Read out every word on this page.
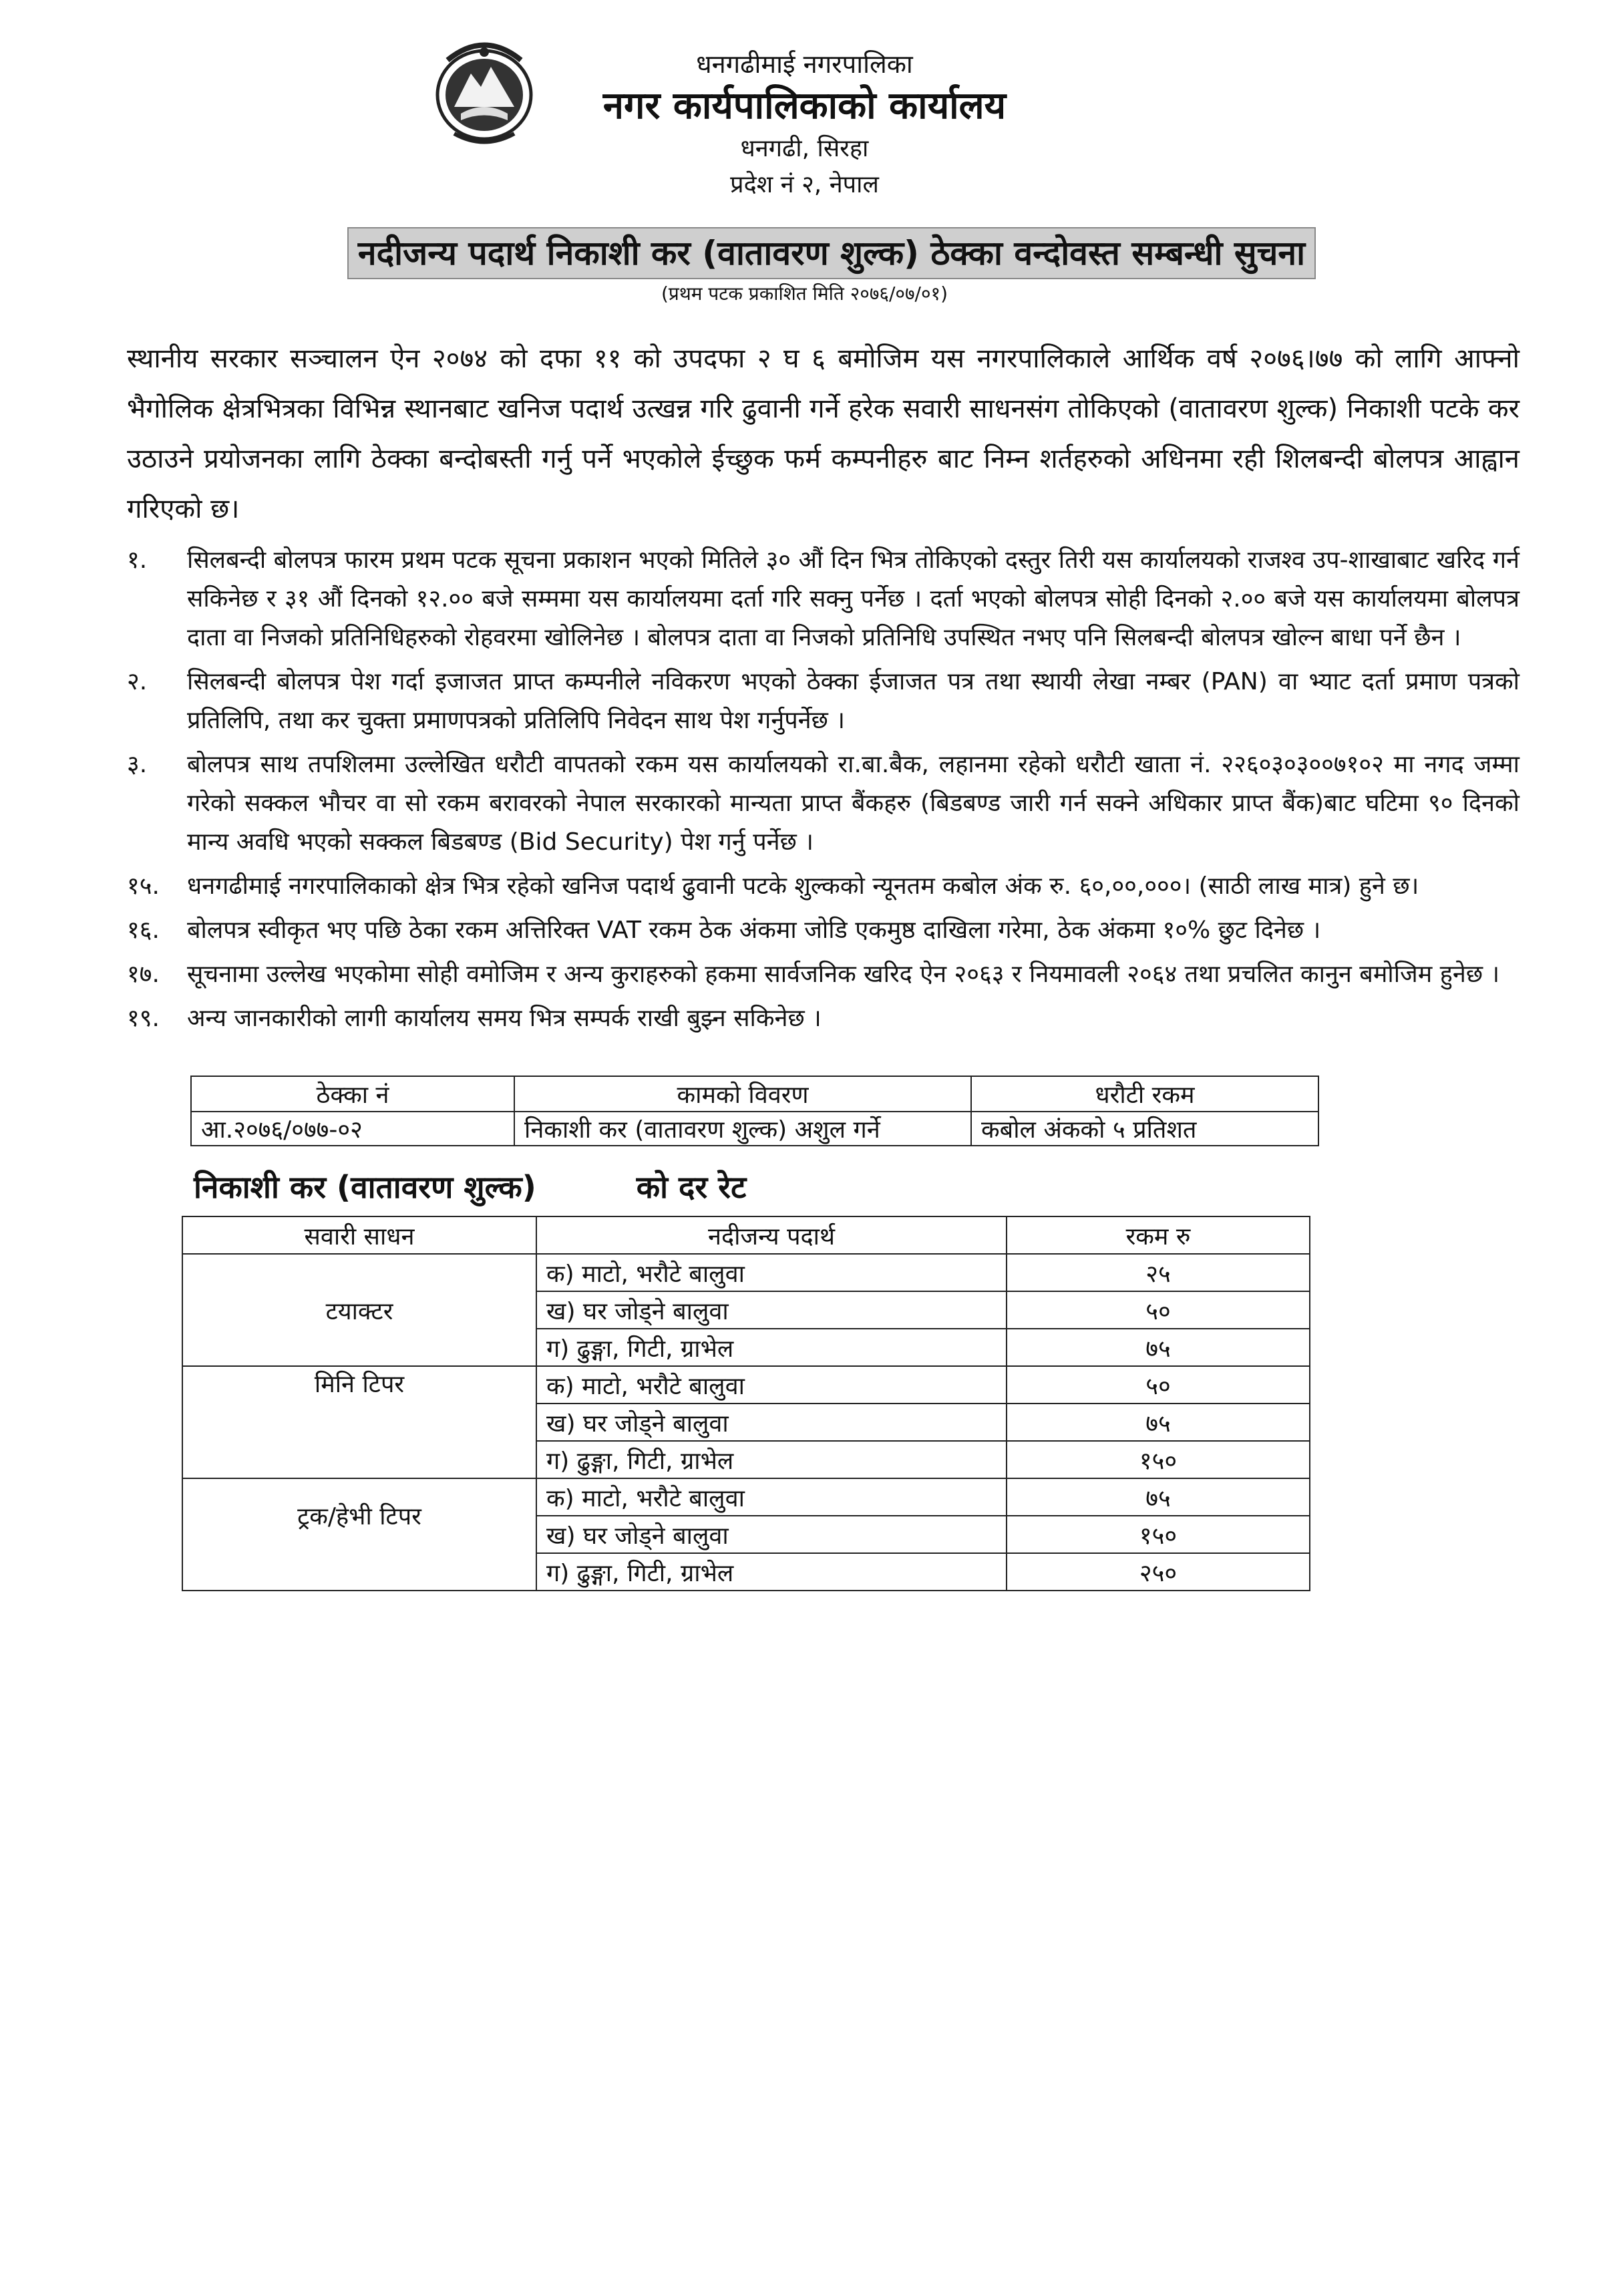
धनगढीमाई नगरपालिका
नगर कार्यपालिकाको कार्यालय
धनगढी, सिरहा
प्रदेश नं २, नेपाल
नदीजन्य पदार्थ निकाशी कर (वातावरण शुल्क) ठेक्का वन्दोवस्त सम्बन्धी सुचना
(प्रथम पटक प्रकाशित मिति २०७६/०७/०१)

स्थानीय सरकार सञ्चालन ऐन २०७४ को दफा ११ को उपदफा २ घ ६ बमोजिम यस नगरपालिकाले आर्थिक वर्ष २०७६।७७ को लागि आफ्नो भैगोलिक क्षेत्रभित्रका विभिन्न स्थानबाट खनिज पदार्थ उत्खन्न गरि ढुवानी गर्ने हरेक सवारी साधनसंग तोकिएको (वातावरण शुल्क) निकाशी पटके कर उठाउने प्रयोजनका लागि ठेक्का बन्दोबस्ती गर्नु पर्ने भएकोले ईच्छुक फर्म कम्पनीहरु बाट निम्न शर्तहरुको अधिनमा रही शिलबन्दी बोलपत्र आह्वान गरिएको छ।

१.	सिलबन्दी बोलपत्र फारम प्रथम पटक सूचना प्रकाशन भएको मितिले ३० औं दिन भित्र तोकिएको दस्तुर तिरी यस कार्यालयको राजश्व उप-शाखाबाट खरिद गर्न सकिनेछ र ३१ औं दिनको १२.०० बजे सम्ममा यस कार्यालयमा दर्ता गरि सक्नु पर्नेछ । दर्ता भएको बोलपत्र सोही दिनको २.०० बजे यस कार्यालयमा बोलपत्र दाता वा निजको प्रतिनिधिहरुको रोहवरमा खोलिनेछ । बोलपत्र दाता वा निजको प्रतिनिधि उपस्थित नभए पनि सिलबन्दी बोलपत्र खोल्न बाधा पर्ने छैन ।
२.	सिलबन्दी बोलपत्र पेश गर्दा इजाजत प्राप्त कम्पनीले नविकरण भएको ठेक्का ईजाजत पत्र तथा स्थायी लेखा नम्बर (PAN) वा भ्याट दर्ता प्रमाण पत्रको प्रतिलिपि, तथा कर चुक्ता प्रमाणपत्रको प्रतिलिपि निवेदन साथ पेश गर्नुपर्नेछ ।
३.	बोलपत्र साथ तपशिलमा उल्लेखित धरौटी वापतको रकम यस कार्यालयको रा.बा.बैक, लहानमा रहेको धरौटी खाता नं. २२६०३०३००७१०२ मा नगद जम्मा गरेको सक्कल भौचर वा सो रकम बरावरको नेपाल सरकारको मान्यता प्राप्त बैंकहरु (बिडबण्ड जारी गर्न सक्ने अधिकार प्राप्त बैंक)बाट घटिमा ९० दिनको मान्य अवधि भएको सक्कल बिडबण्ड (Bid Security) पेश गर्नु पर्नेछ ।
१५.	धनगढीमाई नगरपालिकाको क्षेत्र भित्र रहेको खनिज पदार्थ ढुवानी पटके शुल्कको न्यूनतम कबोल अंक रु. ६०,००,०००। (साठी लाख मात्र) हुने छ।
१६.	बोलपत्र स्वीकृत भए पछि ठेका रकम अत्तिरिक्त VAT रकम ठेक अंकमा जोडि एकमुष्ठ दाखिला गरेमा, ठेक अंकमा १०% छुट दिनेछ ।
१७.	सूचनामा उल्लेख भएकोमा सोही वमोजिम र अन्य कुराहरुको हकमा सार्वजनिक खरिद ऐन २०६३ र नियमावली २०६४ तथा प्रचलित कानुन बमोजिम हुनेछ ।
१९.	अन्य जानकारीको लागी कार्यालय समय भित्र सम्पर्क राखी बुझ्न सकिनेछ ।
ठेक्का नं	कामको विवरण	धरौटी रकम
आ.२०७६/०७७-०२	निकाशी कर (वातावरण शुल्क) अशुल गर्ने	कबोल अंकको ५ प्रतिशत
निकाशी कर (वातावरण शुल्क)	को दर रेट
सवारी साधन	नदीजन्य पदार्थ	रकम रु
टयाक्टर	क) माटो, भरौटे बालुवा	२५
	ख) घर जोड्ने बालुवा	५०
	ग) ढुङ्गा, गिटी, ग्राभेल	७५
मिनि टिपर	क) माटो, भरौटे बालुवा	५०
	ख) घर जोड्ने बालुवा	७५
	ग) ढुङ्गा, गिटी, ग्राभेल	१५०
ट्रक/हेभी टिपर	क) माटो, भरौटे बालुवा	७५
	ख) घर जोड्ने बालुवा	१५०
	ग) ढुङ्गा, गिटी, ग्राभेल	२५०
